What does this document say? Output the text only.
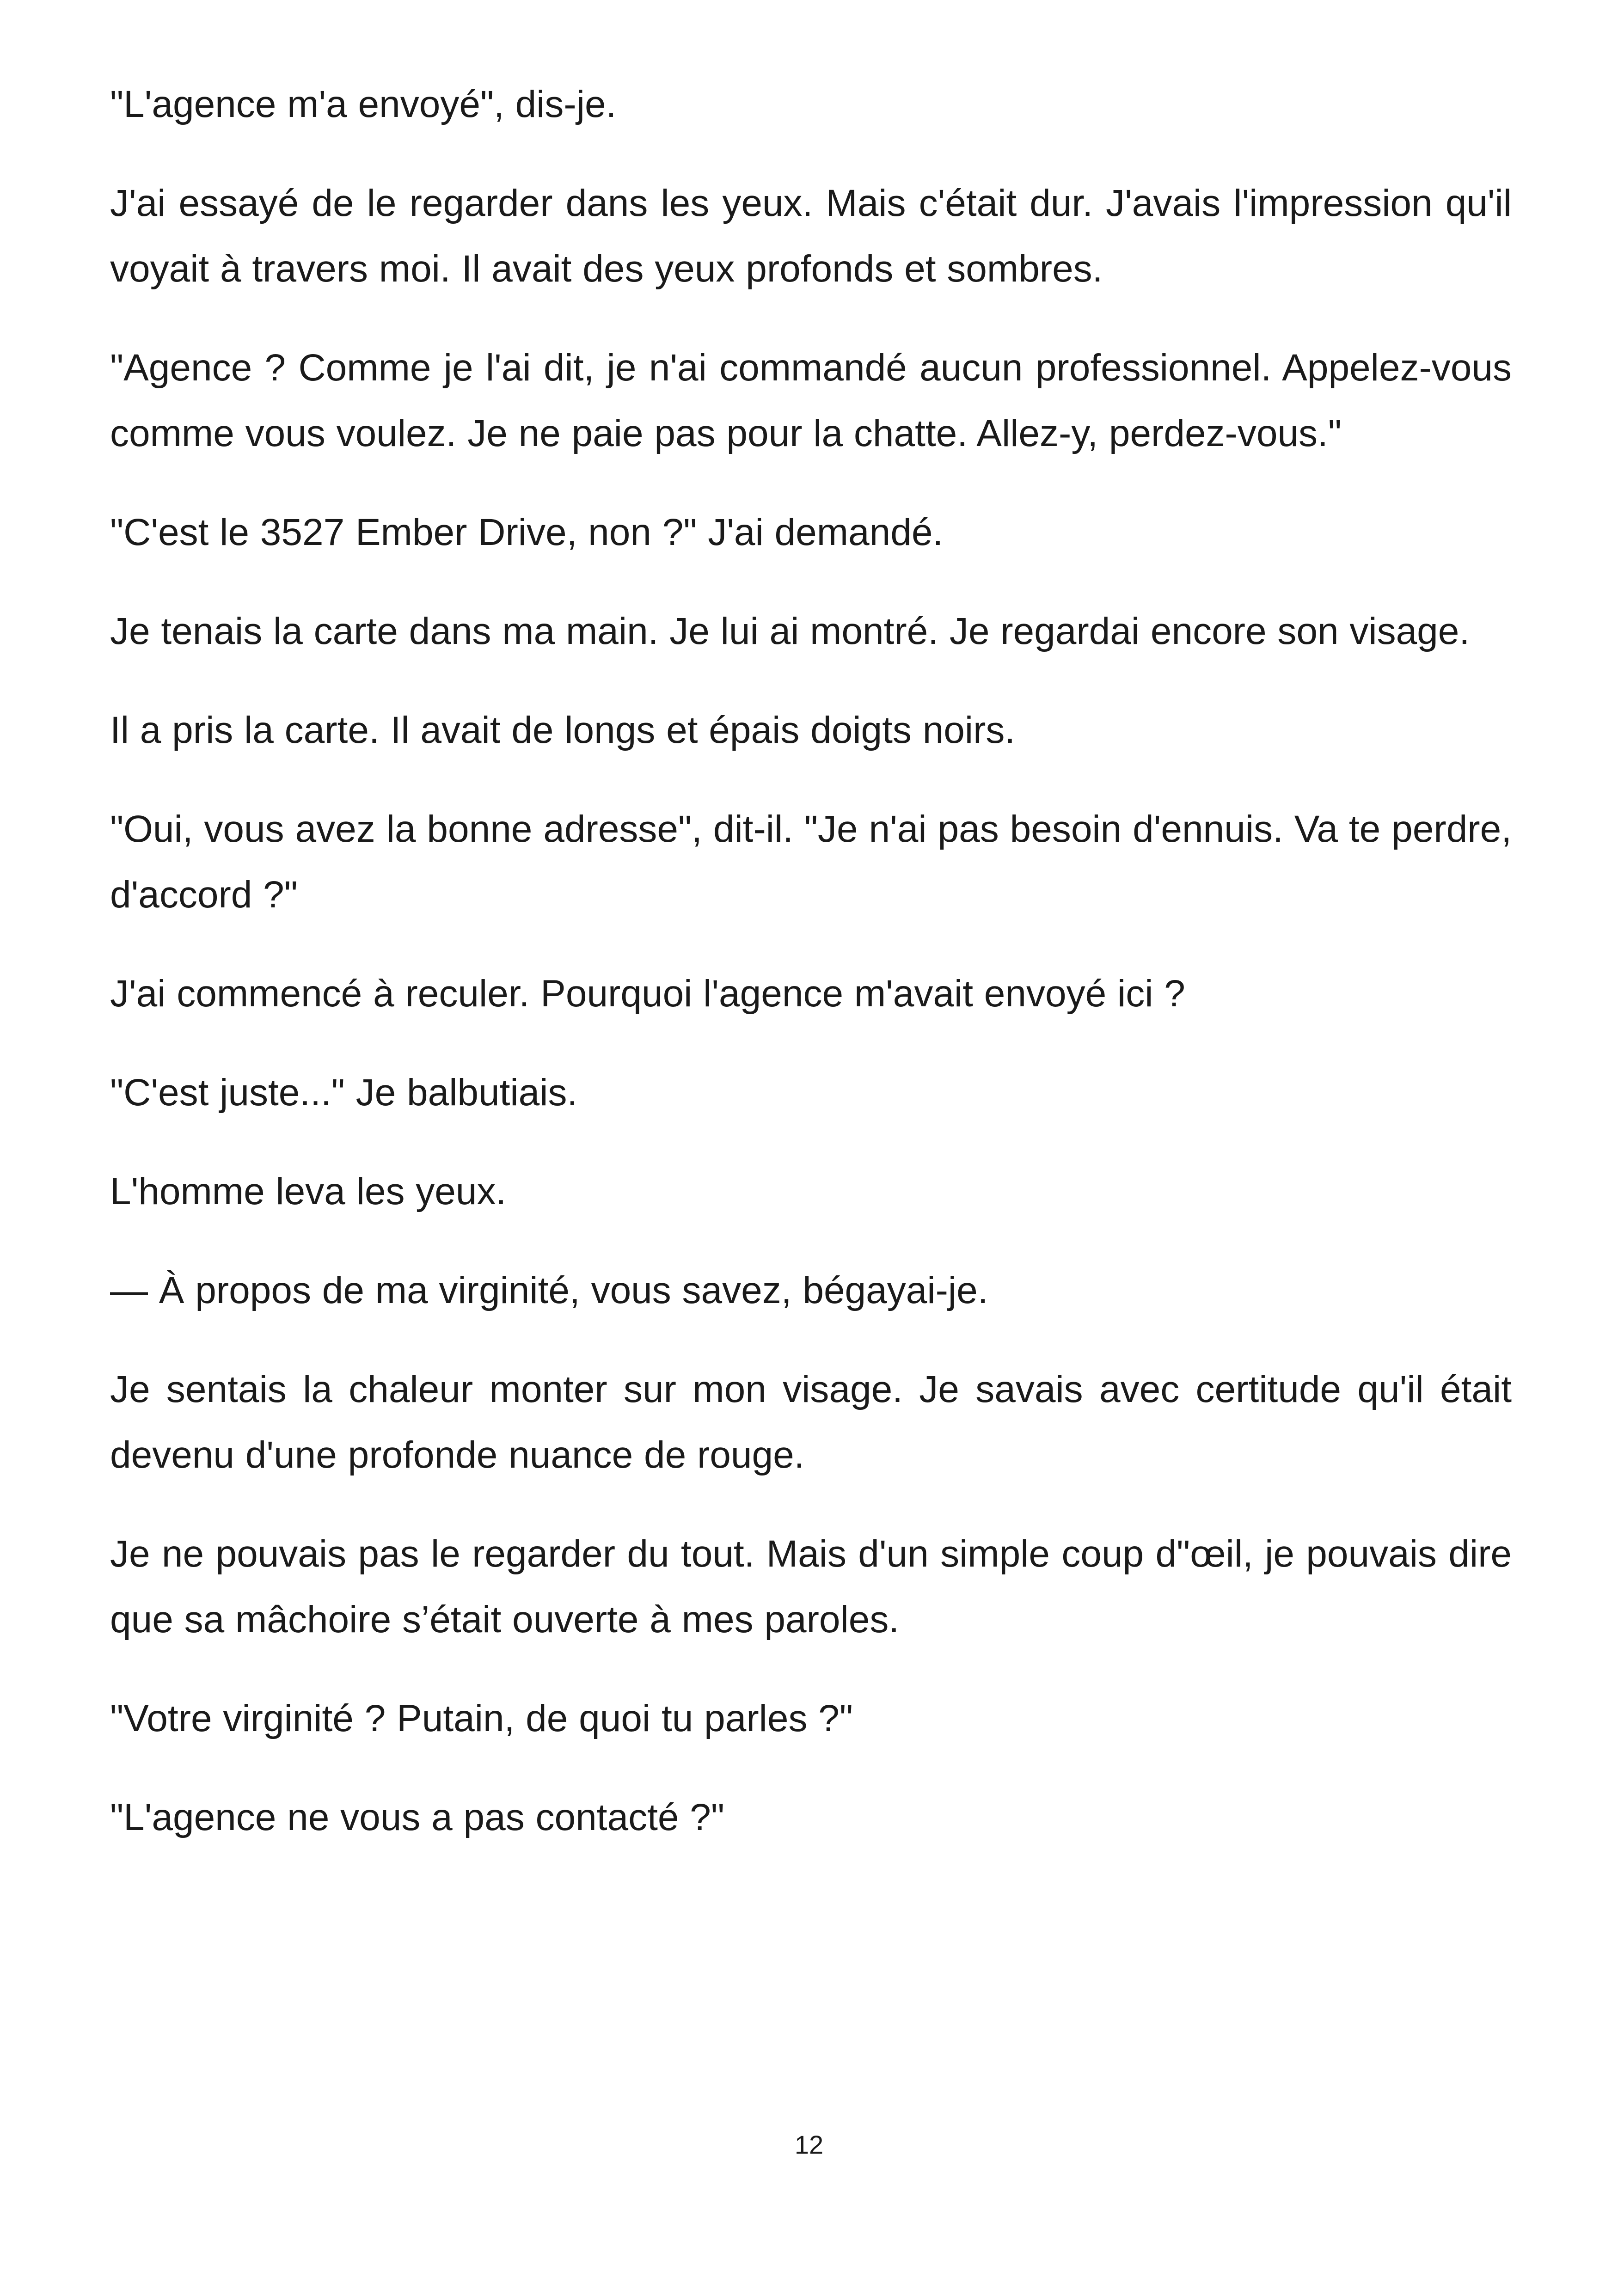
"L'agence m'a envoyé", dis-je.

J'ai essayé de le regarder dans les yeux. Mais c'était dur. J'avais l'impression qu'il voyait à travers moi. Il avait des yeux profonds et sombres.

"Agence ? Comme je l'ai dit, je n'ai commandé aucun professionnel. Appelez-vous comme vous voulez. Je ne paie pas pour la chatte. Allez-y, perdez-vous."

"C'est le 3527 Ember Drive, non ?" J'ai demandé.

Je tenais la carte dans ma main. Je lui ai montré. Je regardai encore son visage.

Il a pris la carte. Il avait de longs et épais doigts noirs.

"Oui, vous avez la bonne adresse", dit-il. "Je n'ai pas besoin d'ennuis. Va te perdre, d'accord ?"

J'ai commencé à reculer. Pourquoi l'agence m'avait envoyé ici ?

"C'est juste..." Je balbutiais.

L'homme leva les yeux.

— À propos de ma virginité, vous savez, bégayai-je.

Je sentais la chaleur monter sur mon visage. Je savais avec certitude qu'il était devenu d'une profonde nuance de rouge.

Je ne pouvais pas le regarder du tout. Mais d'un simple coup d"œil, je pouvais dire que sa mâchoire s’était ouverte à mes paroles.

"Votre virginité ? Putain, de quoi tu parles ?"

"L'agence ne vous a pas contacté ?"

12
